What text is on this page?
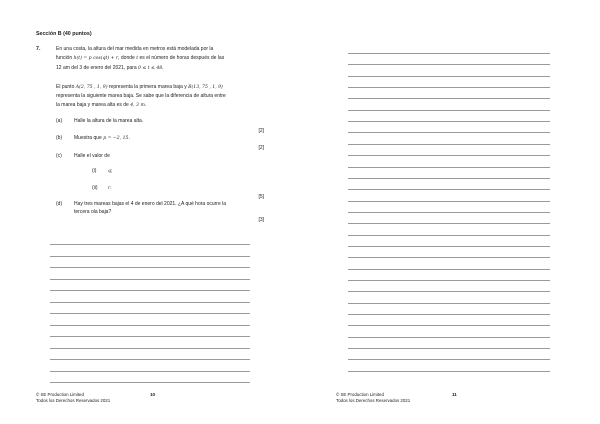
Sección B (40 puntos)
7.	En una costa, la altura del mar medida en metros está modelada por la
función h(t) = p cos(qt) + r, donde t es el número de horas después de las
12 am del 3 de enero del 2021, para 0 ≤ t ≤ 48.
El punto A(2, 75 , 1, 9) representa la primera marea baja y B(13, 75 , 1, 9)
representa la siguiente marea baja. Se sabe que la diferencia de altura entre
la marea baja y marea alta es de 4, 3 m.
(a) Halle la altura de la marea alta.
[2]
(b) Muestra que p = −2, 15.
[2]
(c) Halle el valor de
(i)	q;
(ii) r.
[5]
(d) Hay tres mareas bajas el 4 de enero del 2021. ¿A qué hora ocurre la
tercera ola baja?
[3]
© SE Production Limited
Todos los Derechos Reservados 2021
10	© SE Production Limited
Todos los Derechos Reservados 2021
11
